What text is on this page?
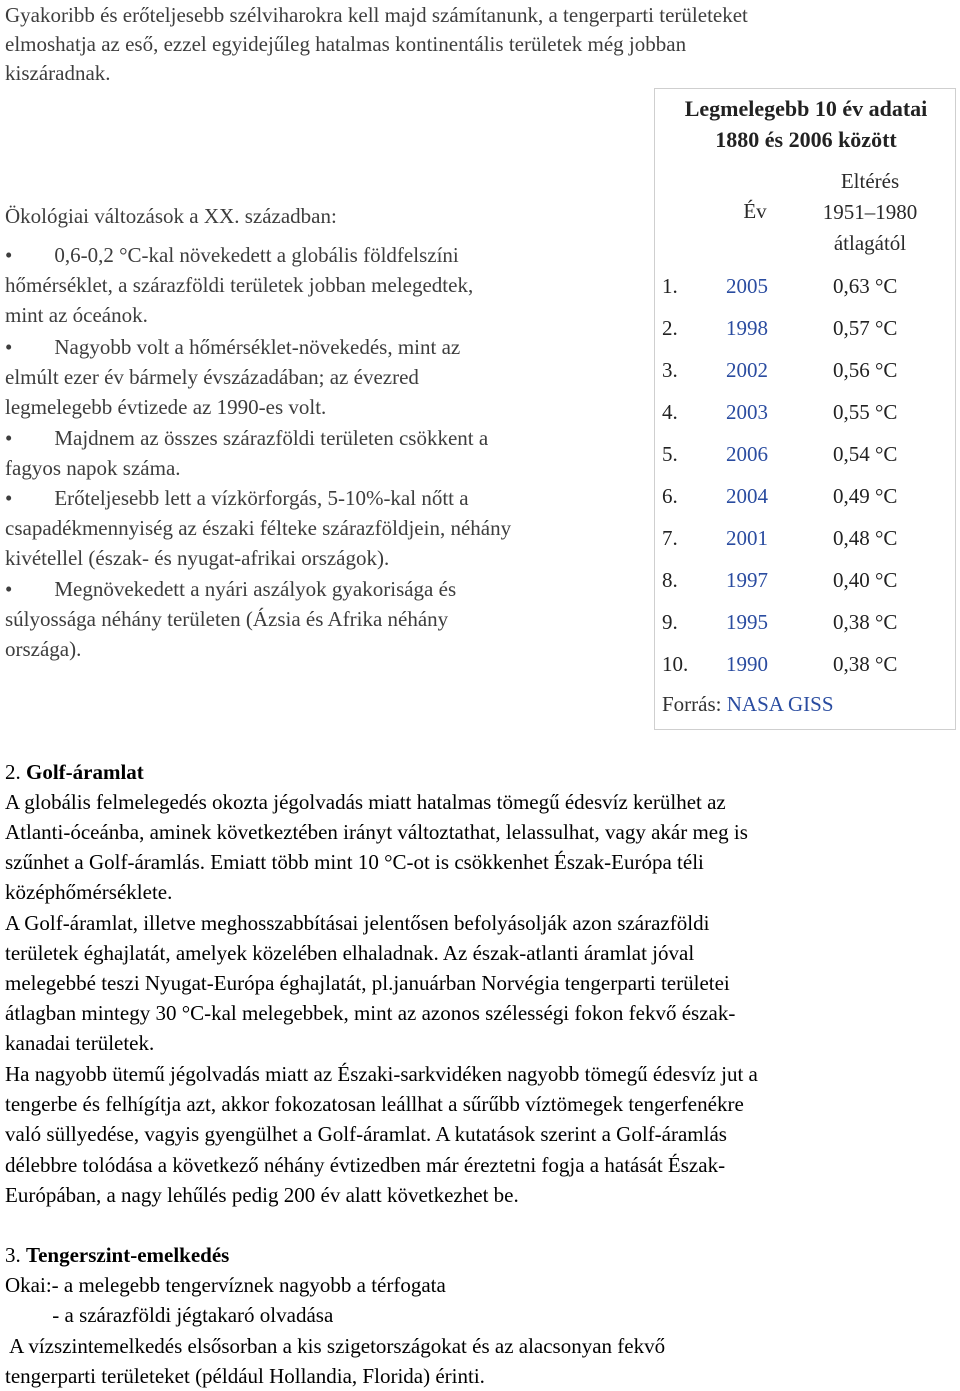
Gyakoribb és erőteljesebb szélviharokra kell majd számítanunk, a tengerparti területeket
elmoshatja az eső, ezzel egyidejűleg hatalmas kontinentális területek még jobban
kiszáradnak.
Ökológiai változások a XX. században:
•        0,6-0,2 °C-kal növekedett a globális földfelszíni
hőmérséklet, a szárazföldi területek jobban melegedtek,
mint az óceánok.
•        Nagyobb volt a hőmérséklet-növekedés, mint az
elmúlt ezer év bármely évszázadában; az évezred
legmelegebb évtizede az 1990-es volt.
•        Majdnem az összes szárazföldi területen csökkent a
fagyos napok száma.
•        Erőteljesebb lett a vízkörforgás, 5-10%-kal nőtt a
csapadékmennyiség az északi félteke szárazföldjein, néhány
kivétellel (észak- és nyugat-afrikai országok).
•        Megnövekedett a nyári aszályok gyakorisága és
súlyossága néhány területen (Ázsia és Afrika néhány
országa).
Legmelegebb 10 év adatai
1880 és 2006 között
Év
Eltérés
1951–1980
átlagától
1. 2005	0,63 °C
2. 1998	0,57 °C
3. 2002	0,56 °C
4. 2003	0,55 °C
5. 2006	0,54 °C
6. 2004	0,49 °C
7. 2001	0,48 °C
8. 1997	0,40 °C
9. 1995	0,38 °C
10. 1990	0,38 °C
Forrás: NASA GISS
2. Golf-áramlat
A globális felmelegedés okozta jégolvadás miatt hatalmas tömegű édesvíz kerülhet az
Atlanti-óceánba, aminek következtében irányt változtathat, lelassulhat, vagy akár meg is
szűnhet a Golf-áramlás. Emiatt több mint 10 °C-ot is csökkenhet Észak-Európa téli
középhőmérséklete.
A Golf-áramlat, illetve meghosszabbításai jelentősen befolyásolják azon szárazföldi
területek éghajlatát, amelyek közelében elhaladnak. Az észak-atlanti áramlat jóval
melegebbé teszi Nyugat-Európa éghajlatát, pl.januárban Norvégia tengerparti területei
átlagban mintegy 30 °C-kal melegebbek, mint az azonos szélességi fokon fekvő észak-
kanadai területek.
Ha nagyobb ütemű jégolvadás miatt az Északi-sarkvidéken nagyobb tömegű édesvíz jut a
tengerbe és felhígítja azt, akkor fokozatosan leállhat a sűrűbb víztömegek tengerfenékre
való süllyedése, vagyis gyengülhet a Golf-áramlat. A kutatások szerint a Golf-áramlás
délebbre tolódása a következő néhány évtizedben már éreztetni fogja a hatását Észak-
Európában, a nagy lehűlés pedig 200 év alatt következhet be.
3. Tengerszint-emelkedés
Okai:- a melegebb tengervíznek nagyobb a térfogata
- a szárazföldi jégtakaró olvadása
A vízszintemelkedés elsősorban a kis szigetországokat és az alacsonyan fekvő
tengerparti területeket (például Hollandia, Florida) érinti.
